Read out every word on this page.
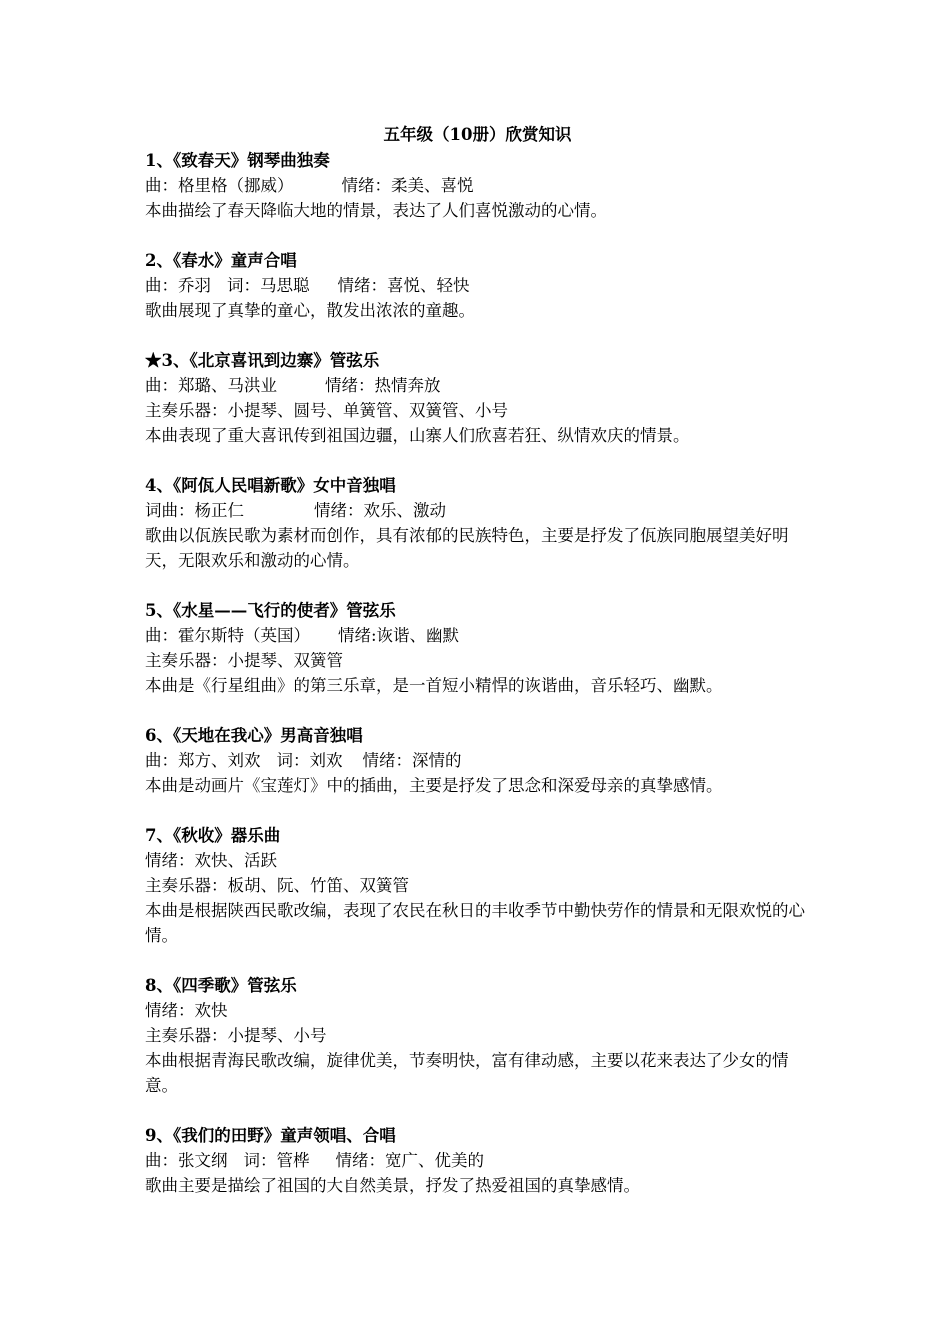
五年级（10册）欣赏知识
1、《致春天》钢琴曲独奏
曲：格里格（挪威）	情绪：柔美、喜悦
本曲描绘了春天降临大地的情景，表达了人们喜悦激动的心情。
2、《春水》童声合唱
曲：乔羽 词：马思聪 情绪：喜悦、轻快
歌曲展现了真挚的童心，散发出浓浓的童趣。
★3、《北京喜讯到边寨》管弦乐
曲：郑璐、马洪业	情绪：热情奔放
主奏乐器：小提琴、圆号、单簧管、双簧管、小号
本曲表现了重大喜讯传到祖国边疆，山寨人们欣喜若狂、纵情欢庆的情景。
4、《阿佤人民唱新歌》女中音独唱
词曲：杨正仁	情绪：欢乐、激动
歌曲以佤族民歌为素材而创作，具有浓郁的民族特色，主要是抒发了佤族同胞展望美好明天，无限欢乐和激动的心情。
5、《水星——飞行的使者》管弦乐
曲：霍尔斯特（英国） 情绪:诙谐、幽默
主奏乐器：小提琴、双簧管
本曲是《行星组曲》的第三乐章，是一首短小精悍的诙谐曲，音乐轻巧、幽默。
6、《天地在我心》男高音独唱
曲：郑方、刘欢 词：刘欢 情绪：深情的
本曲是动画片《宝莲灯》中的插曲，主要是抒发了思念和深爱母亲的真挚感情。
7、《秋收》器乐曲
情绪：欢快、活跃
主奏乐器：板胡、阮、竹笛、双簧管
本曲是根据陕西民歌改编，表现了农民在秋日的丰收季节中勤快劳作的情景和无限欢悦的心情。
8、《四季歌》管弦乐
情绪：欢快
主奏乐器：小提琴、小号
本曲根据青海民歌改编，旋律优美，节奏明快，富有律动感，主要以花来表达了少女的情意。
9、《我们的田野》童声领唱、合唱
曲：张文纲 词：管桦 情绪：宽广、优美的
歌曲主要是描绘了祖国的大自然美景，抒发了热爱祖国的真挚感情。
